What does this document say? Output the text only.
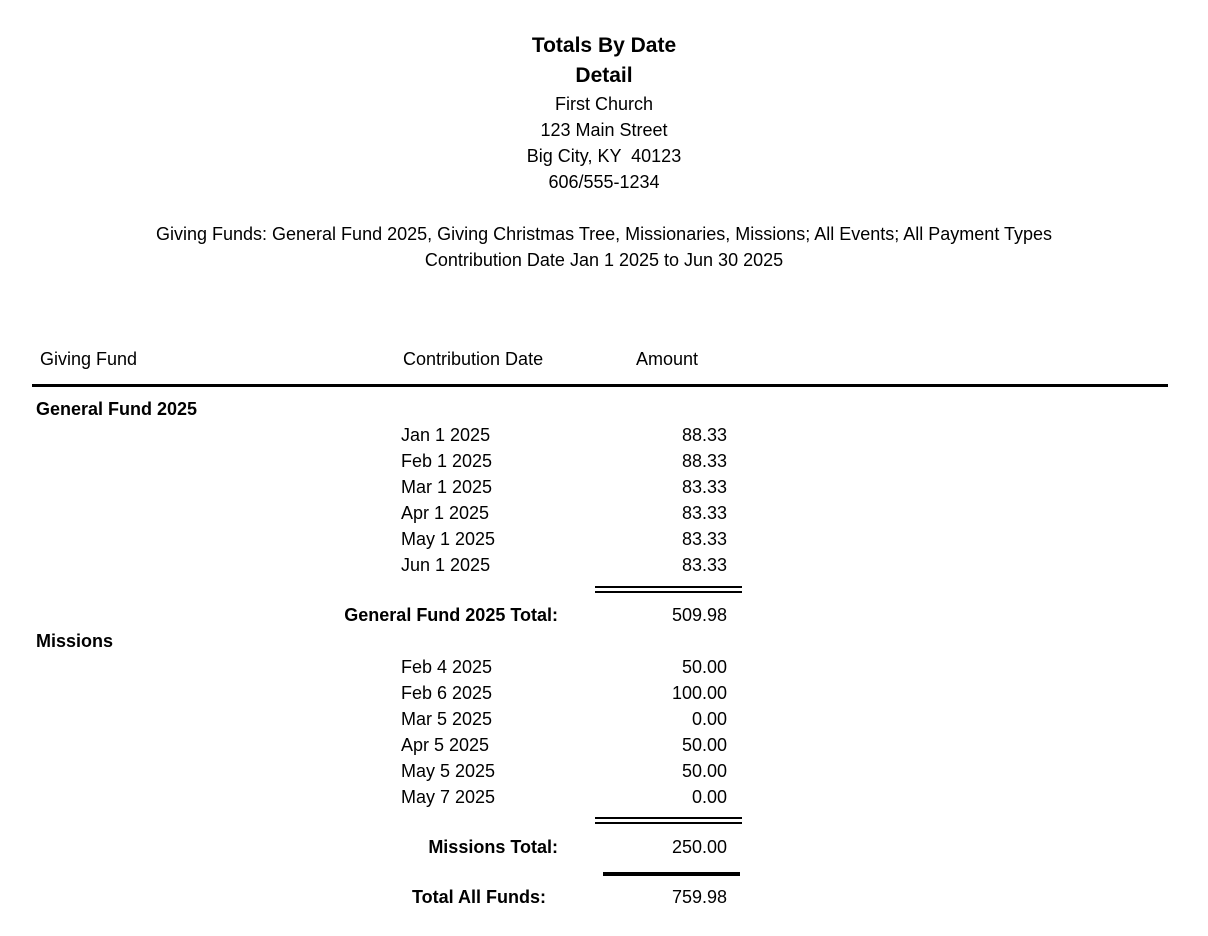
Totals By Date
Detail
First Church
123 Main Street
Big City, KY  40123
606/555-1234
Giving Funds: General Fund 2025, Giving Christmas Tree, Missionaries, Missions; All Events; All Payment Types
Contribution Date Jan 1 2025 to Jun 30 2025
Giving Fund	Contribution Date	Amount
General Fund 2025
Jan 1 2025	88.33
Feb 1 2025	88.33
Mar 1 2025	83.33
Apr 1 2025	83.33
May 1 2025	83.33
Jun 1 2025	83.33
General Fund 2025 Total:	509.98
Missions
Feb 4 2025	50.00
Feb 6 2025	100.00
Mar 5 2025	0.00
Apr 5 2025	50.00
May 5 2025	50.00
May 7 2025	0.00
Missions Total:	250.00
Total All Funds:	759.98
